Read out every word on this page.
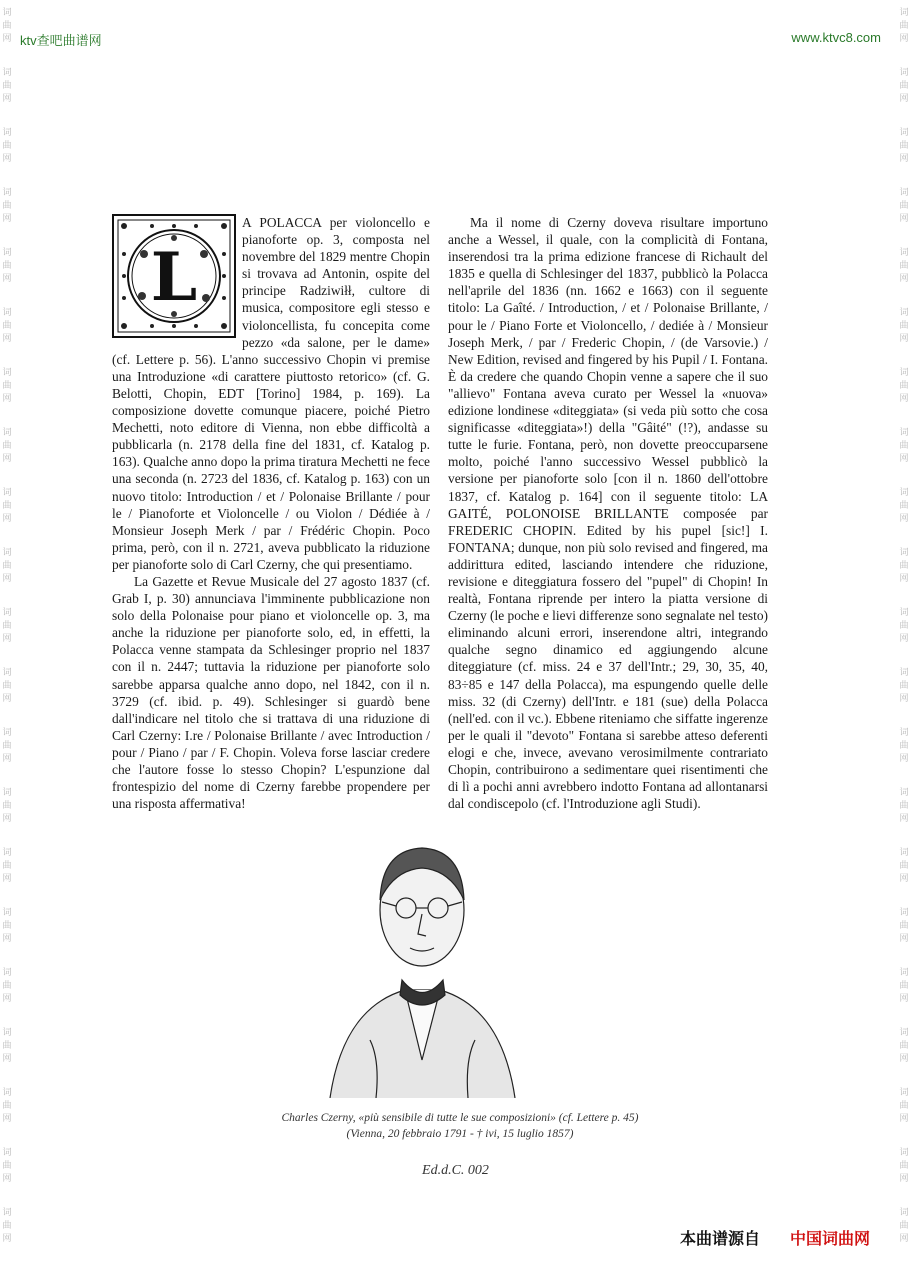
ktv查吧曲谱网	www.ktvc8.com
词
曲
网
词
曲
网
词
曲
网
词
曲
网
词
曲
网
词
曲
网
词
曲
网
词
曲
网
词
曲
网
词
曲
网
词
曲
网
词
曲
网
词
曲
网
词
曲
网
词
曲
网
词
曲
网
词
曲
网
词
曲
网
词
曲
网
词
曲
网
词
曲
网
词
曲
网
词
曲
网
词
曲
网
词
曲
网
词
曲
网
词
曲
网
词
曲
网
词
曲
网
词
曲
网
词
曲
网
词
曲
网
词
曲
网
词
曲
网
词
曲
网
词
曲
网
词
曲
网
词
曲
网
词
曲
网
词
曲
网
词
曲
网
词
曲
网
L

A POLACCA per violoncello e pianoforte op. 3, composta nel novembre del 1829 mentre Chopin si trovava ad Antonin, ospite del principe Radziwiłł, cultore di musica, compositore egli stesso e violoncellista, fu concepita come pezzo «da salone, per le dame» (cf. Lettere p. 56). L'anno successivo Chopin vi premise una Introduzione «di carattere piuttosto retorico» (cf. G. Belotti, Chopin, EDT [Torino] 1984, p. 169). La composizione dovette comunque piacere, poiché Pietro Mechetti, noto editore di Vienna, non ebbe difficoltà a pubblicarla (n. 2178 della fine del 1831, cf. Katalog p. 163). Qualche anno dopo la prima tiratura Mechetti ne fece una seconda (n. 2723 del 1836, cf. Katalog p. 163) con un nuovo titolo: Introduction / et / Polonaise Brillante / pour le / Pianoforte et Violoncelle / ou Violon / Dédiée à / Monsieur Joseph Merk / par / Frédéric Chopin. Poco prima, però, con il n. 2721, aveva pubblicato la riduzione per pianoforte solo di Carl Czerny, che qui presentiamo.

La Gazette et Revue Musicale del 27 agosto 1837 (cf. Grab I, p. 30) annunciava l'imminente pubblicazione non solo della Polonaise pour piano et violoncelle op. 3, ma anche la riduzione per pianoforte solo, ed, in effetti, la Polacca venne stampata da Schlesinger proprio nel 1837 con il n. 2447; tuttavia la riduzione per pianoforte solo sarebbe apparsa qualche anno dopo, nel 1842, con il n. 3729 (cf. ibid. p. 49). Schlesinger si guardò bene dall'indicare nel titolo che si trattava di una riduzione di Carl Czerny: I.re / Polonaise Brillante / avec Introduction / pour / Piano / par / F. Chopin. Voleva forse lasciar credere che l'autore fosse lo stesso Chopin? L'espunzione dal frontespizio del nome di Czerny farebbe propendere per una risposta affermativa!

Ma il nome di Czerny doveva risultare importuno anche a Wessel, il quale, con la complicità di Fontana, inserendosi tra la prima edizione francese di Richault del 1835 e quella di Schlesinger del 1837, pubblicò la Polacca nell'aprile del 1836 (nn. 1662 e 1663) con il seguente titolo: La Gaîté. / Introduction, / et / Polonaise Brillante, / pour le / Piano Forte et Violoncello, / dediée à / Monsieur Joseph Merk, / par / Frederic Chopin, / (de Varsovie.) / New Edition, revised and fingered by his Pupil / I. Fontana. È da credere che quando Chopin venne a sapere che il suo "allievo" Fontana aveva curato per Wessel la «nuova» edizione londinese «diteggiata» (si veda più sotto che cosa significasse «diteggiata»!) della "Gâité" (!?), andasse su tutte le furie. Fontana, però, non dovette preoccuparsene molto, poiché l'anno successivo Wessel pubblicò la versione per pianoforte solo [con il n. 1860 dell'ottobre 1837, cf. Katalog p. 164] con il seguente titolo: LA GAITÉ, POLONOISE BRILLANTE composée par FREDERIC CHOPIN. Edited by his pupel [sic!] I. FONTANA; dunque, non più solo revised and fingered, ma addirittura edited, lasciando intendere che riduzione, revisione e diteggiatura fossero del "pupel" di Chopin! In realtà, Fontana riprende per intero la piatta versione di Czerny (le poche e lievi differenze sono segnalate nel testo) eliminando alcuni errori, inserendone altri, integrando qualche segno dinamico ed aggiungendo alcune diteggiature (cf. miss. 24 e 37 dell'Intr.; 29, 30, 35, 40, 83÷85 e 147 della Polacca), ma espungendo quelle delle miss. 32 (di Czerny) dell'Intr. e 181 (sue) della Polacca (nell'ed. con il vc.). Ebbene riteniamo che siffatte ingerenze per le quali il "devoto" Fontana si sarebbe atteso deferenti elogi e che, invece, avevano verosimilmente contrariato Chopin, contribuirono a sedimentare quei risentimenti che di lì a pochi anni avrebbero indotto Fontana ad allontanarsi dal condiscepolo (cf. l'Introduzione agli Studi).

Charles Czerny, «più sensibile di tutte le sue composizioni» (cf. Lettere p. 45)
(Vienna, 20 febbraio 1791 - † ivi, 15 luglio 1857)
Ed.d.C. 002
本曲谱源自 中国词曲网
